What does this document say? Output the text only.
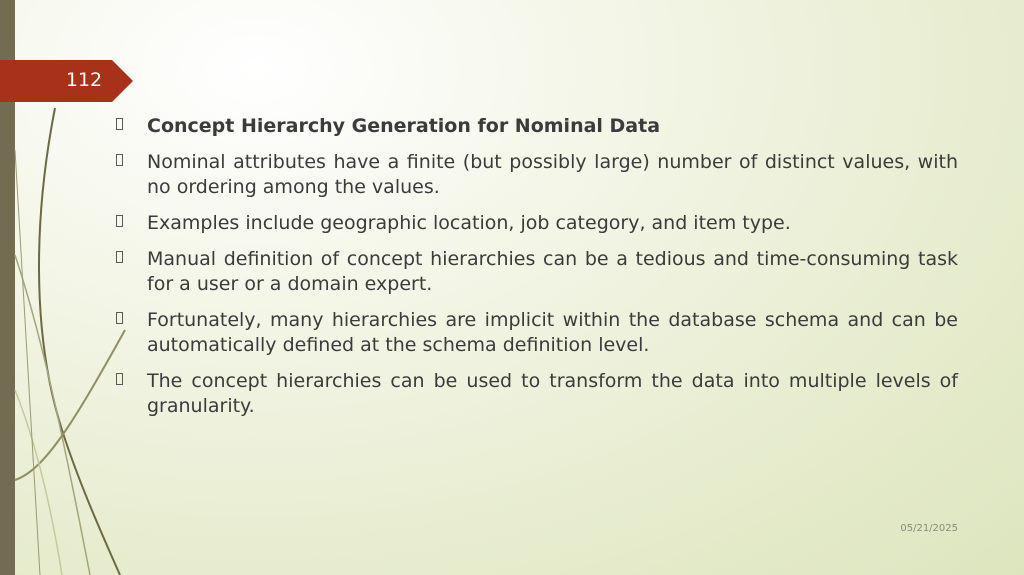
112
Concept Hierarchy Generation for Nominal Data
Nominal attributes have a finite (but possibly large) number of distinct values, with no ordering among the values.
Examples include geographic location, job category, and item type.
Manual definition of concept hierarchies can be a tedious and time-consuming task for a user or a domain expert.
Fortunately, many hierarchies are implicit within the database schema and can be automatically defined at the schema definition level.
The concept hierarchies can be used to transform the data into multiple levels of granularity.
05/21/2025
